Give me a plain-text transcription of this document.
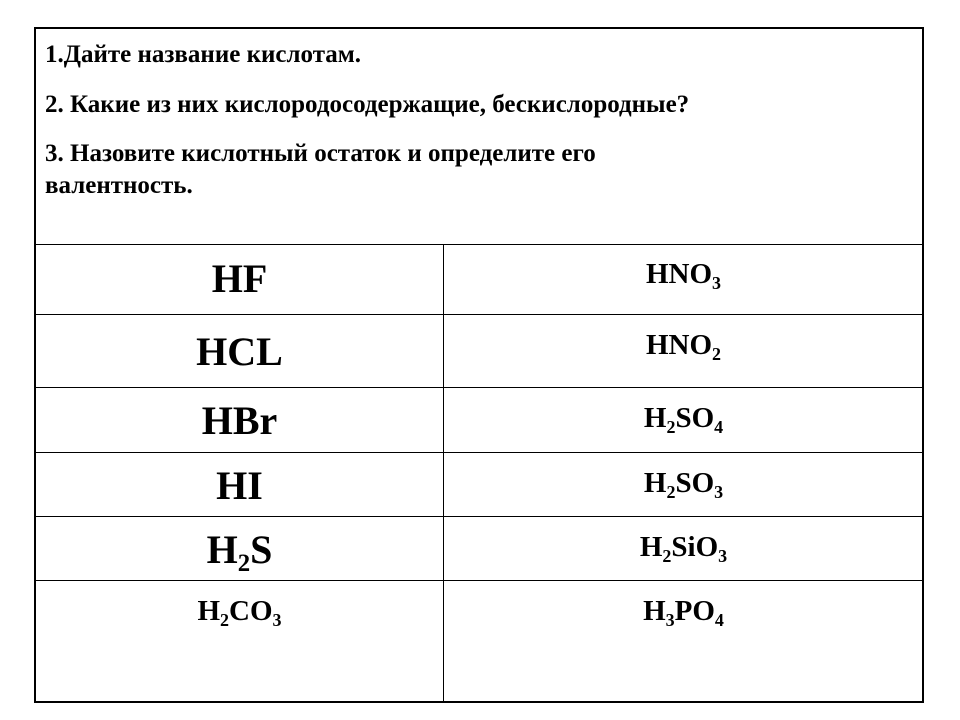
1.Дайте название кислотам.
2. Какие из них кислородосодержащие, бескислородные?
3. Назовите кислотный остаток и определите его
валентность.
HF
HCL
HBr
HI
H2S
H2CO3
HNO3
HNO2
H2SO4
H2SO3
H2SiO3
H3PO4
